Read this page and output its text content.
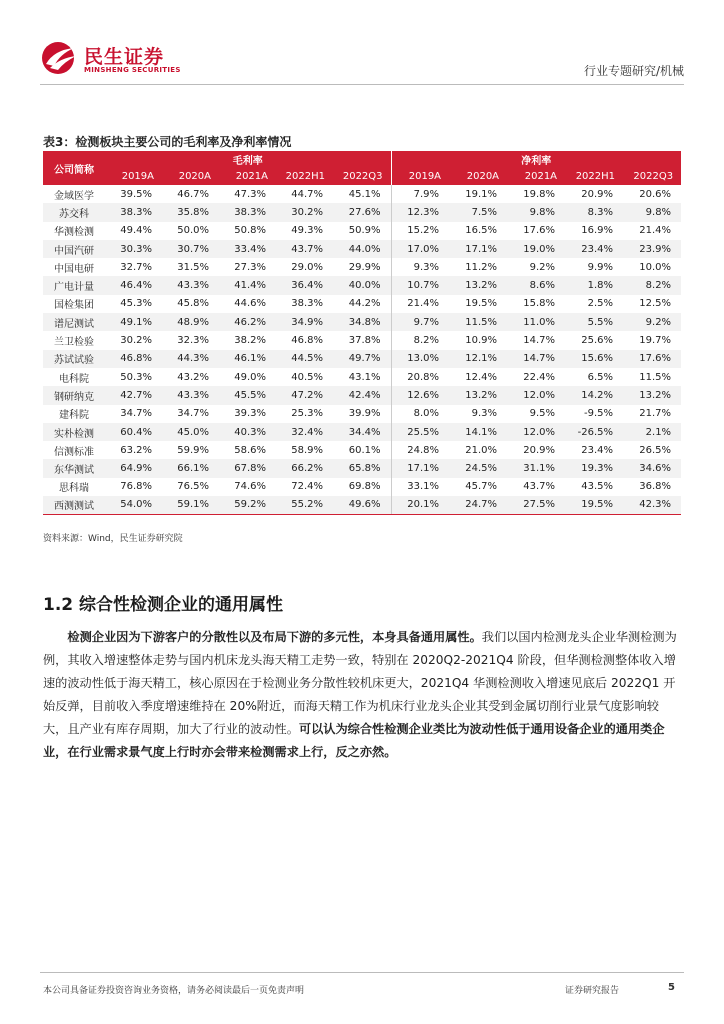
民生证券
MINSHENG SECURITIES	行业专题研究/机械
表3：检测板块主要公司的毛利率及净利率情况
公司简称	毛利率					净利率				
	2019A	2020A	2021A	2022H1	2022Q3	2019A	2020A	2021A	2022H1	2022Q3
金域医学	39.5%	46.7%	47.3%	44.7%	45.1%	7.9%	19.1%	19.8%	20.9%	20.6%
苏交科	38.3%	35.8%	38.3%	30.2%	27.6%	12.3%	7.5%	9.8%	8.3%	9.8%
华测检测	49.4%	50.0%	50.8%	49.3%	50.9%	15.2%	16.5%	17.6%	16.9%	21.4%
中国汽研	30.3%	30.7%	33.4%	43.7%	44.0%	17.0%	17.1%	19.0%	23.4%	23.9%
中国电研	32.7%	31.5%	27.3%	29.0%	29.9%	9.3%	11.2%	9.2%	9.9%	10.0%
广电计量	46.4%	43.3%	41.4%	36.4%	40.0%	10.7%	13.2%	8.6%	1.8%	8.2%
国检集团	45.3%	45.8%	44.6%	38.3%	44.2%	21.4%	19.5%	15.8%	2.5%	12.5%
谱尼测试	49.1%	48.9%	46.2%	34.9%	34.8%	9.7%	11.5%	11.0%	5.5%	9.2%
兰卫检验	30.2%	32.3%	38.2%	46.8%	37.8%	8.2%	10.9%	14.7%	25.6%	19.7%
苏试试验	46.8%	44.3%	46.1%	44.5%	49.7%	13.0%	12.1%	14.7%	15.6%	17.6%
电科院	50.3%	43.2%	49.0%	40.5%	43.1%	20.8%	12.4%	22.4%	6.5%	11.5%
钢研纳克	42.7%	43.3%	45.5%	47.2%	42.4%	12.6%	13.2%	12.0%	14.2%	13.2%
建科院	34.7%	34.7%	39.3%	25.3%	39.9%	8.0%	9.3%	9.5%	-9.5%	21.7%
实朴检测	60.4%	45.0%	40.3%	32.4%	34.4%	25.5%	14.1%	12.0%	-26.5%	2.1%
信测标准	63.2%	59.9%	58.6%	58.9%	60.1%	24.8%	21.0%	20.9%	23.4%	26.5%
东华测试	64.9%	66.1%	67.8%	66.2%	65.8%	17.1%	24.5%	31.1%	19.3%	34.6%
思科瑞	76.8%	76.5%	74.6%	72.4%	69.8%	33.1%	45.7%	43.7%	43.5%	36.8%
西测测试	54.0%	59.1%	59.2%	55.2%	49.6%	20.1%	24.7%	27.5%	19.5%	42.3%
资料来源：Wind，民生证券研究院
1.2 综合性检测企业的通用属性

检测企业因为下游客户的分散性以及布局下游的多元性，本身具备通用属性。我们以国内检测龙头企业华测检测为例，其收入增速整体走势与国内机床龙头海天精工走势一致，特别在 2020Q2-2021Q4 阶段，但华测检测整体收入增速的波动性低于海天精工，核心原因在于检测业务分散性较机床更大，2021Q4 华测检测收入增速见底后 2022Q1 开始反弹，目前收入季度增速维持在 20%附近，而海天精工作为机床行业龙头企业其受到金属切削行业景气度影响较大，且产业有库存周期，加大了行业的波动性。可以认为综合性检测企业类比为波动性低于通用设备企业的通用类企业，在行业需求景气度上行时亦会带来检测需求上行，反之亦然。

本公司具备证券投资咨询业务资格，请务必阅读最后一页免责声明	证券研究报告	5
